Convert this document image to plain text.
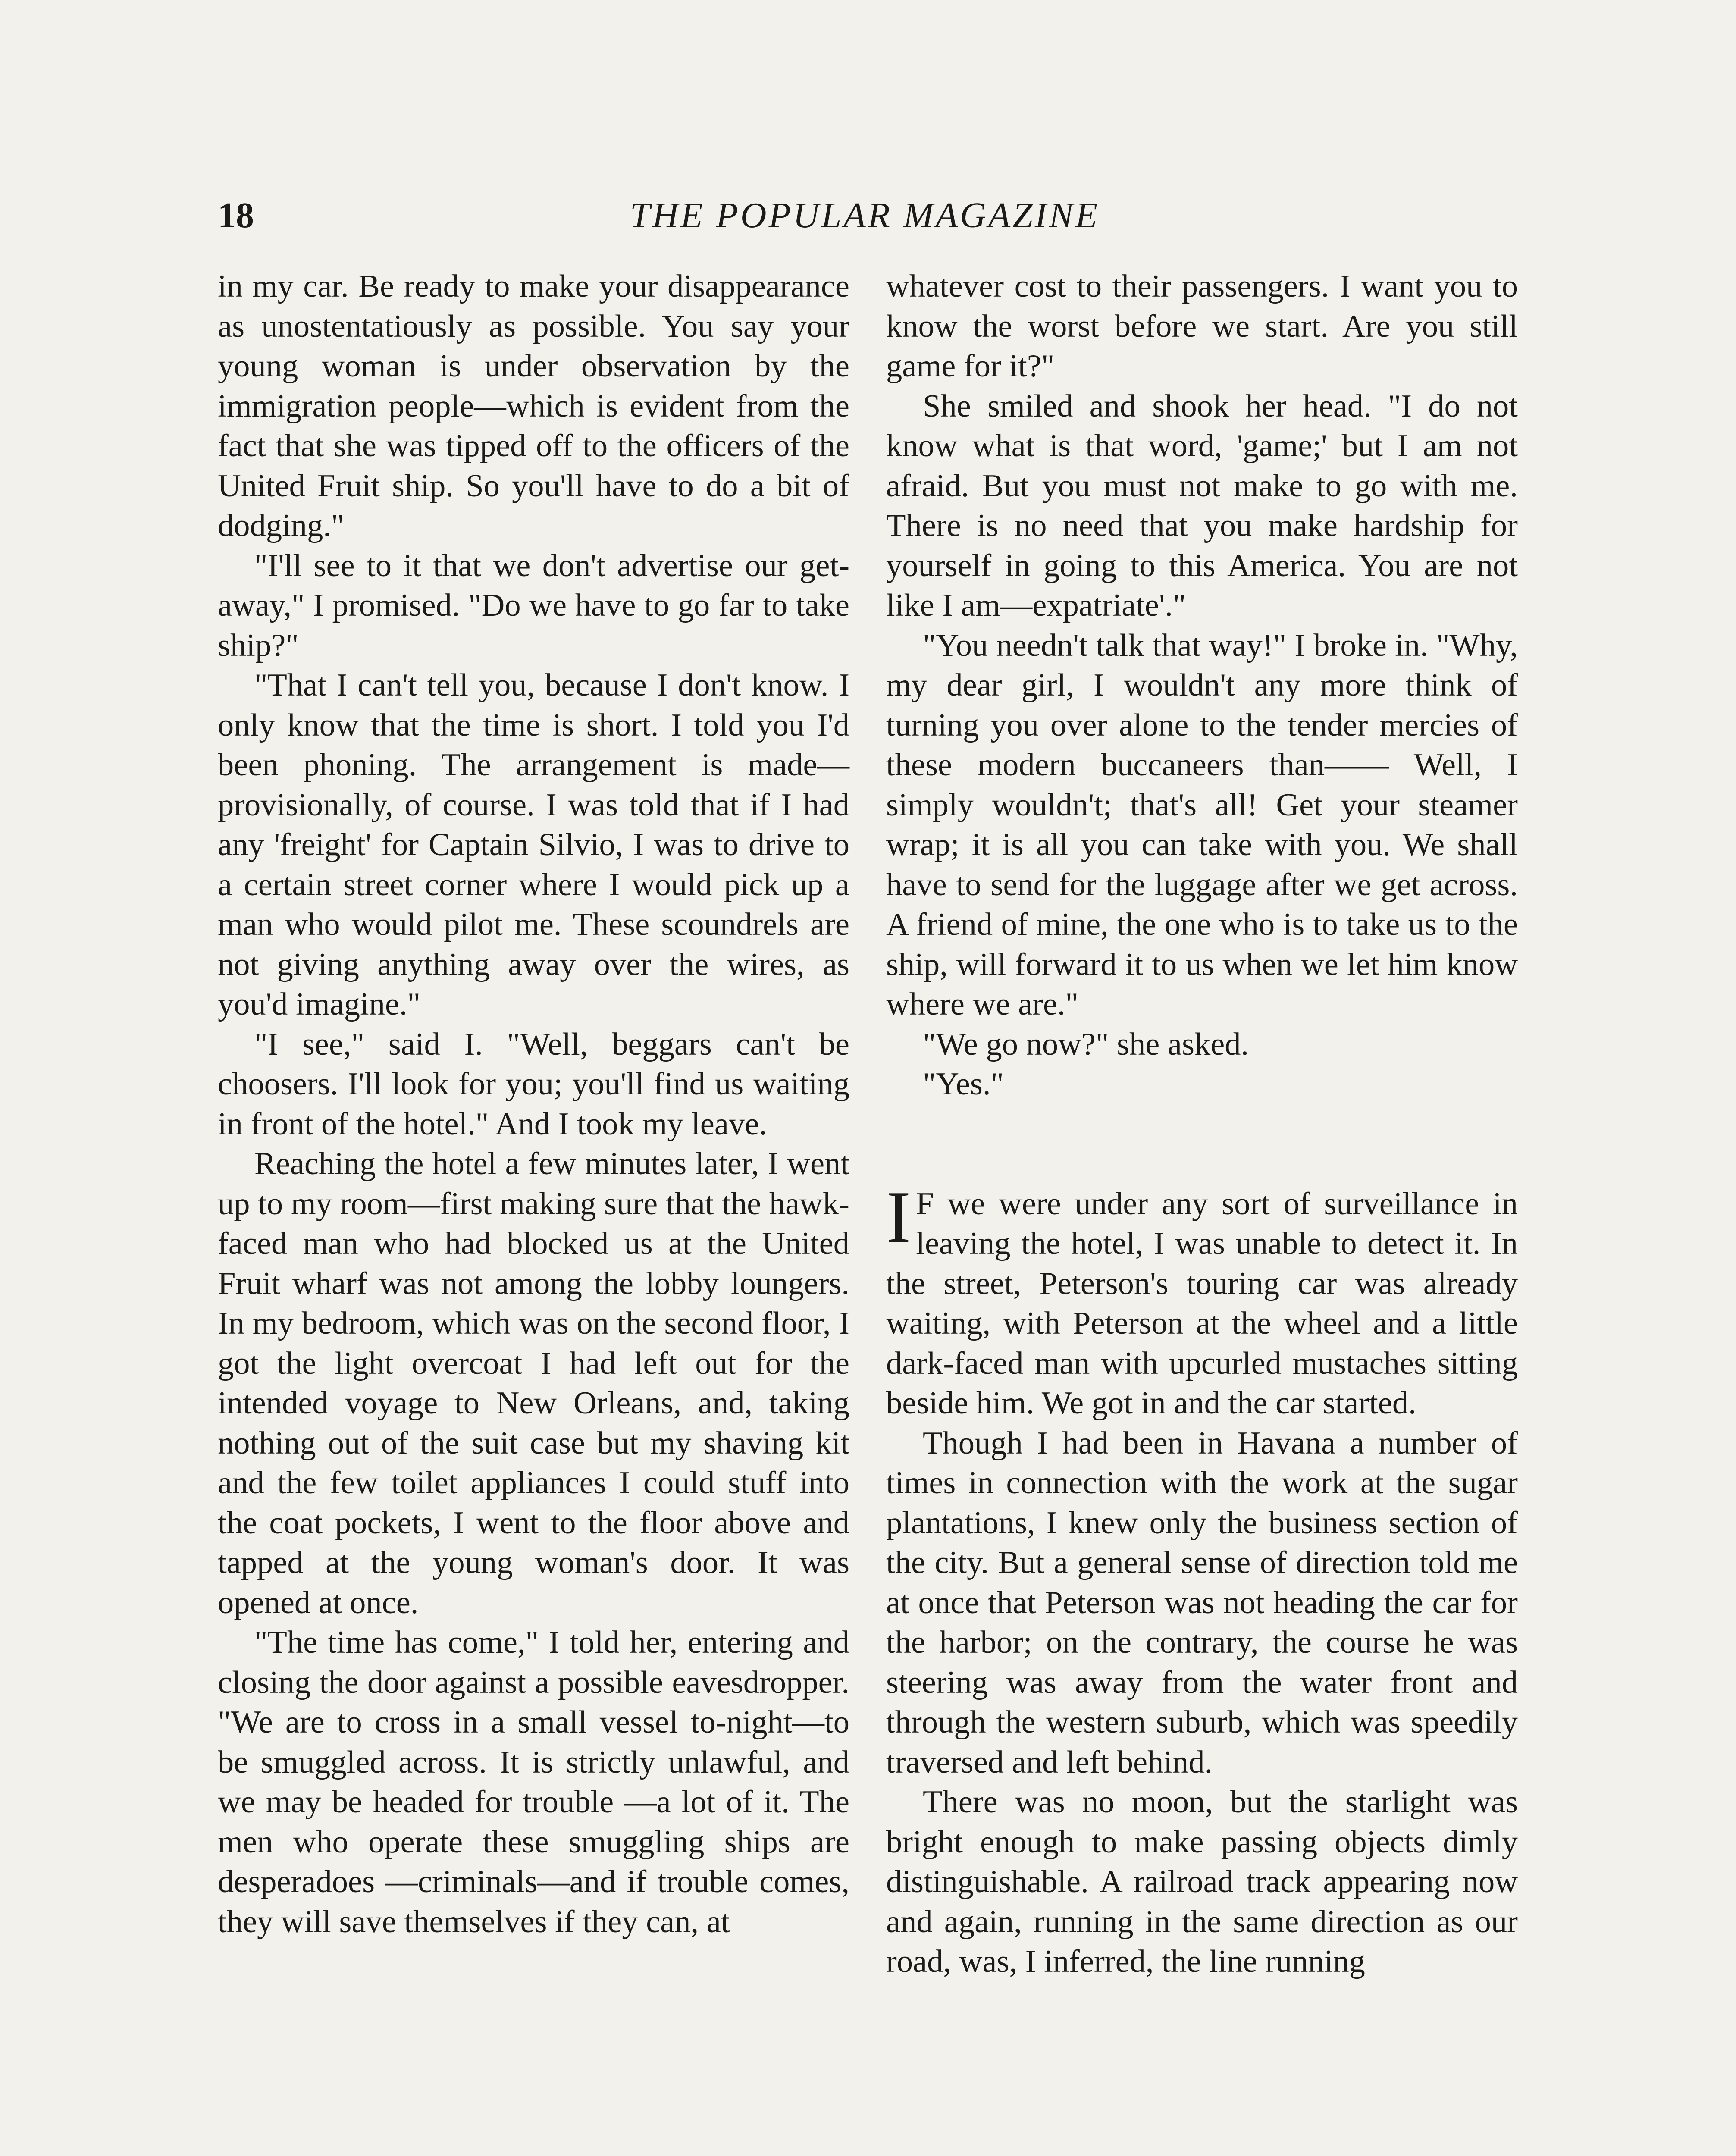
18	THE POPULAR MAGAZINE

in my car. Be ready to make your disappearance as unostentatiously as possible. You say your young woman is under observation by the immigration people—which is evident from the fact that she was tipped off to the officers of the United Fruit ship. So you'll have to do a bit of dodging."

"I'll see to it that we don't advertise our get-away," I promised. "Do we have to go far to take ship?"

"That I can't tell you, because I don't know. I only know that the time is short. I told you I'd been phoning. The arrangement is made—provisionally, of course. I was told that if I had any 'freight' for Captain Silvio, I was to drive to a certain street corner where I would pick up a man who would pilot me. These scoundrels are not giving anything away over the wires, as you'd imagine."

"I see," said I. "Well, beggars can't be choosers. I'll look for you; you'll find us waiting in front of the hotel." And I took my leave.

Reaching the hotel a few minutes later, I went up to my room—first making sure that the hawk-faced man who had blocked us at the United Fruit wharf was not among the lobby loungers. In my bedroom, which was on the second floor, I got the light overcoat I had left out for the intended voyage to New Orleans, and, taking nothing out of the suit case but my shaving kit and the few toilet appliances I could stuff into the coat pockets, I went to the floor above and tapped at the young woman's door. It was opened at once.

"The time has come," I told her, entering and closing the door against a possible eavesdropper. "We are to cross in a small vessel to-night—to be smuggled across. It is strictly unlawful, and we may be headed for trouble —a lot of it. The men who operate these smuggling ships are desperadoes —criminals—and if trouble comes, they will save themselves if they can, at

whatever cost to their passengers. I want you to know the worst before we start. Are you still game for it?"

She smiled and shook her head. "I do not know what is that word, 'game;' but I am not afraid. But you must not make to go with me. There is no need that you make hardship for yourself in going to this America. You are not like I am—expatriate'."

"You needn't talk that way!" I broke in. "Why, my dear girl, I wouldn't any more think of turning you over alone to the tender mercies of these modern buccaneers than—— Well, I simply wouldn't; that's all! Get your steamer wrap; it is all you can take with you. We shall have to send for the luggage after we get across. A friend of mine, the one who is to take us to the ship, will forward it to us when we let him know where we are."

"We go now?" she asked.

"Yes."

I F we were under any sort of surveillance in leaving the hotel, I was unable to detect it. In the street, Peterson's touring car was already waiting, with Peterson at the wheel and a little dark-faced man with upcurled mustaches sitting beside him. We got in and the car started.

Though I had been in Havana a number of times in connection with the work at the sugar plantations, I knew only the business section of the city. But a general sense of direction told me at once that Peterson was not heading the car for the harbor; on the contrary, the course he was steering was away from the water front and through the western suburb, which was speedily traversed and left behind.

There was no moon, but the starlight was bright enough to make passing objects dimly distinguishable. A railroad track appearing now and again, running in the same direction as our road, was, I inferred, the line running
